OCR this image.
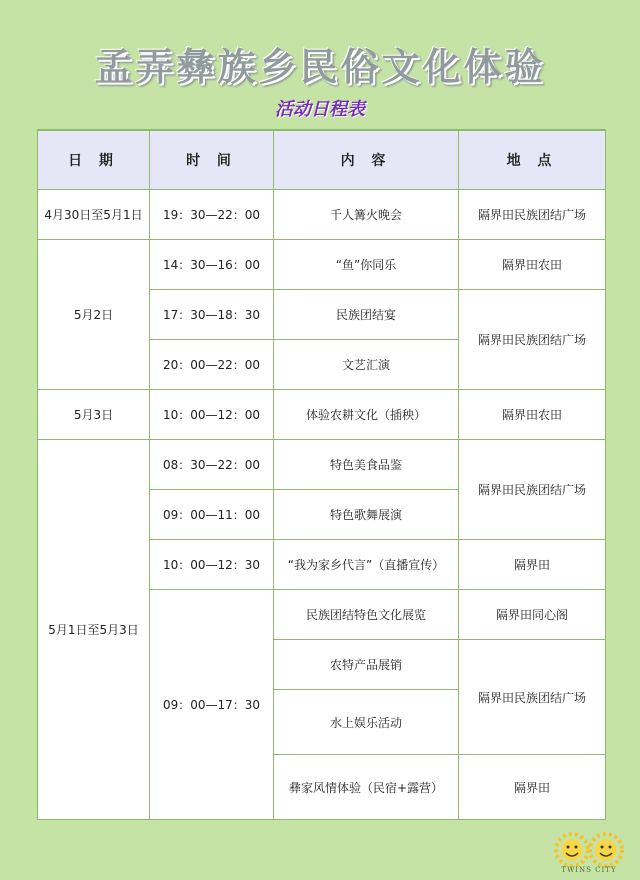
孟弄彝族乡民俗文化体验
活动日程表
日 期	时 间	内 容	地 点
4月30日至5月1日	19：30—22：00	千人篝火晚会	隔界田民族团结广场
5月2日	14：30—16：00	“鱼”你同乐	隔界田农田
	17：30—18：30	民族团结宴	隔界田民族团结广场
	20：00—22：00	文艺汇演	
5月3日	10：00—12：00	体验农耕文化（插秧）	隔界田农田
5月1日至5月3日	08：30—22：00	特色美食品鉴	隔界田民族团结广场
	09：00—11：00	特色歌舞展演	
	10：00—12：30	“我为家乡代言”（直播宣传）	隔界田
	09：00—17：30	民族团结特色文化展览	隔界田同心阁
		农特产品展销	隔界田民族团结广场
		水上娱乐活动	
		彝家风情体验（民宿+露营）	隔界田
TWINS CITY
